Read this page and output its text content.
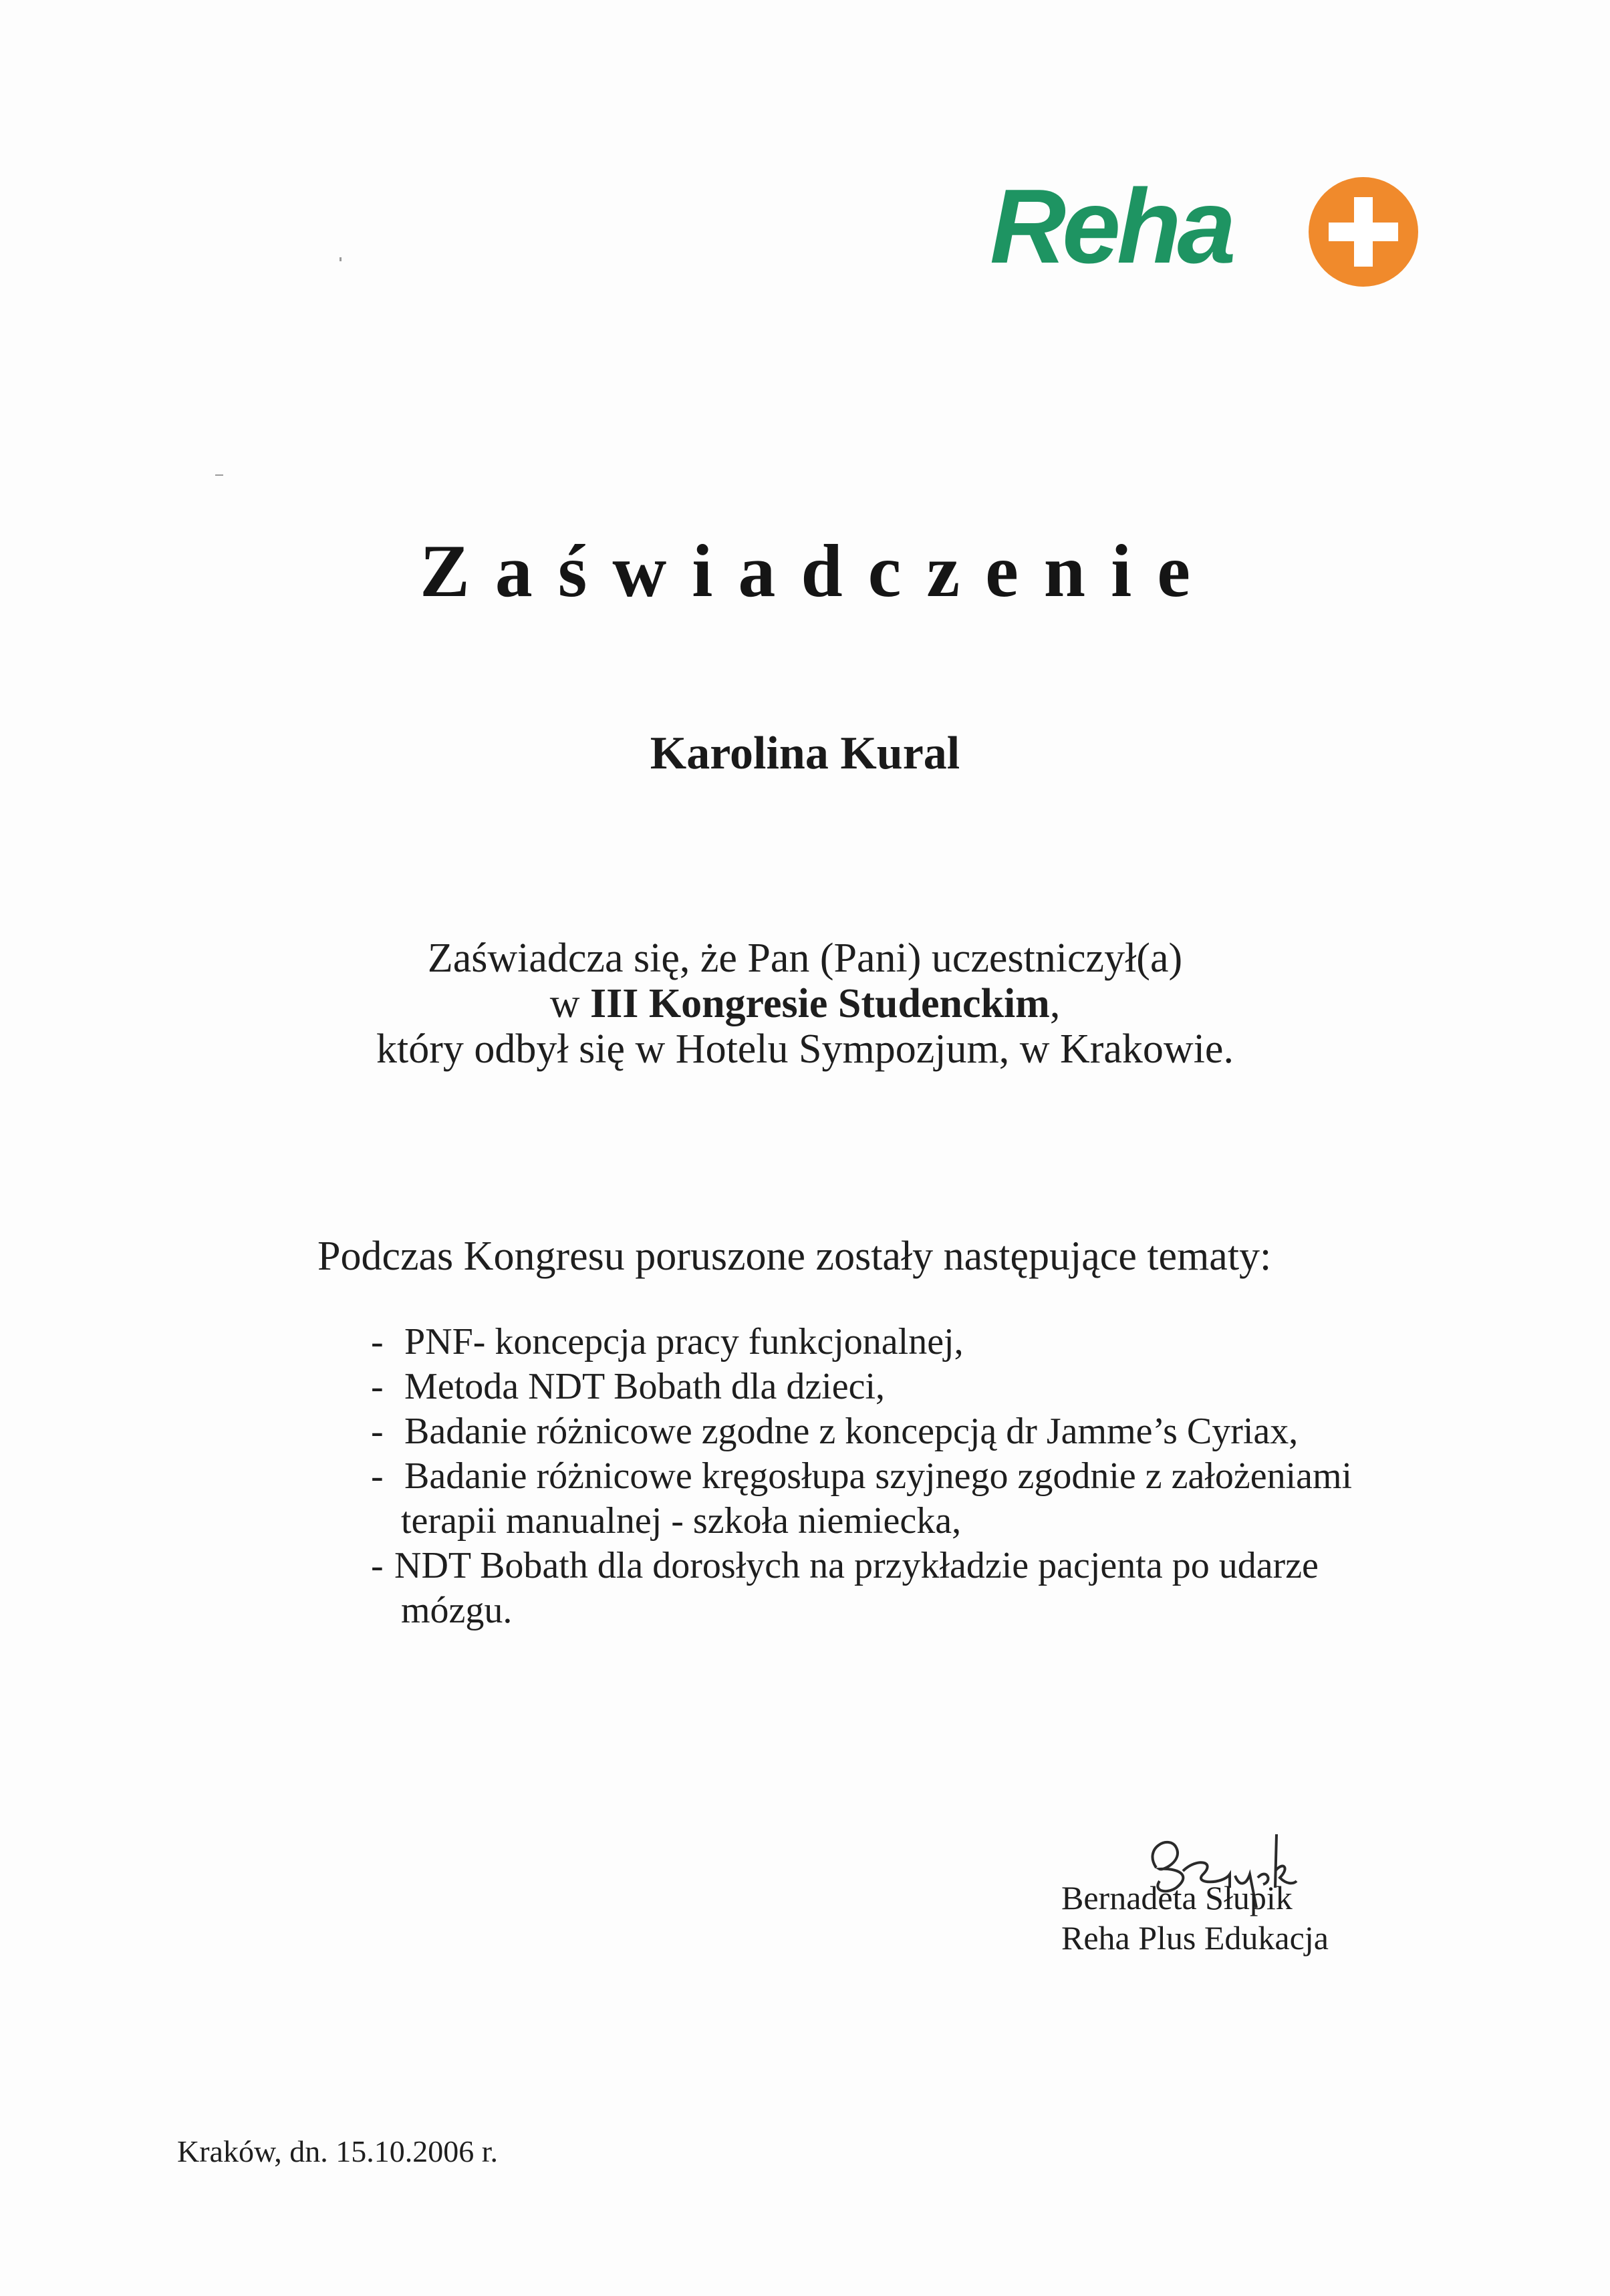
Reha
Zaświadczenie
Karolina Kural
Zaświadcza się, że Pan (Pani) uczestniczył(a)
w III Kongresie Studenckim,
który odbył się w Hotelu Sympozjum, w Krakowie.
Podczas Kongresu poruszone zostały następujące tematy:
- PNF- koncepcja pracy funkcjonalnej,
- Metoda NDT Bobath dla dzieci,
- Badanie różnicowe zgodne z koncepcją dr Jamme’s Cyriax,
- Badanie różnicowe kręgosłupa szyjnego zgodnie z założeniami
terapii manualnej - szkoła niemiecka,
- NDT Bobath dla dorosłych na przykładzie pacjenta po udarze
mózgu.
Bernadeta Słupik
Reha Plus Edukacja
Kraków, dn. 15.10.2006 r.
